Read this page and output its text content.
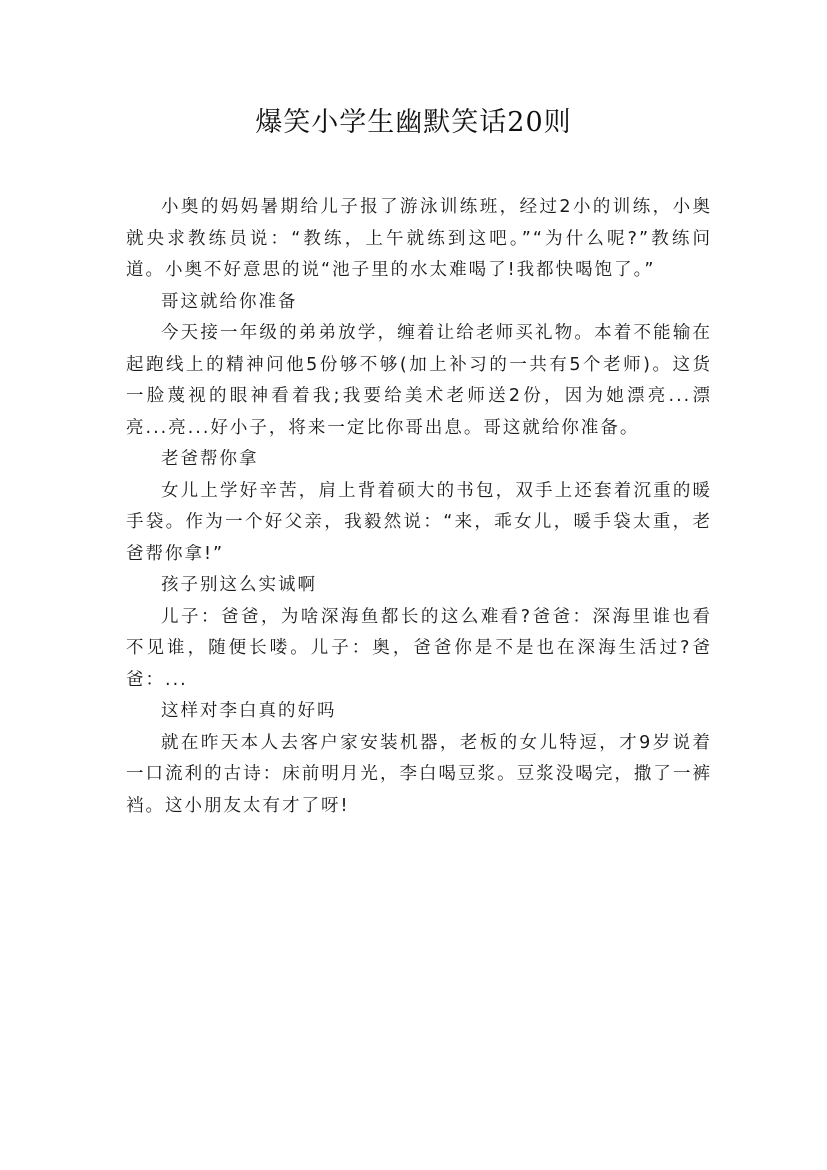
爆笑小学生幽默笑话20则

小奥的妈妈暑期给儿子报了游泳训练班，经过2小的训练，小奥就央求教练员说：“教练，上午就练到这吧。”“为什么呢?”教练问道。小奥不好意思的说“池子里的水太难喝了!我都快喝饱了。”

哥这就给你准备

今天接一年级的弟弟放学，缠着让给老师买礼物。本着不能输在起跑线上的精神问他5份够不够(加上补习的一共有5个老师)。这货一脸蔑视的眼神看着我;我要给美术老师送2份，因为她漂亮...漂亮...亮...好小子，将来一定比你哥出息。哥这就给你准备。

老爸帮你拿

女儿上学好辛苦，肩上背着硕大的书包，双手上还套着沉重的暖手袋。作为一个好父亲，我毅然说：“来，乖女儿，暖手袋太重，老爸帮你拿!”

孩子别这么实诚啊

儿子：爸爸，为啥深海鱼都长的这么难看?爸爸：深海里谁也看不见谁，随便长喽。儿子：奥，爸爸你是不是也在深海生活过?爸爸：...

这样对李白真的好吗

就在昨天本人去客户家安装机器，老板的女儿特逗，才9岁说着一口流利的古诗：床前明月光，李白喝豆浆。豆浆没喝完，撒了一裤裆。这小朋友太有才了呀!
